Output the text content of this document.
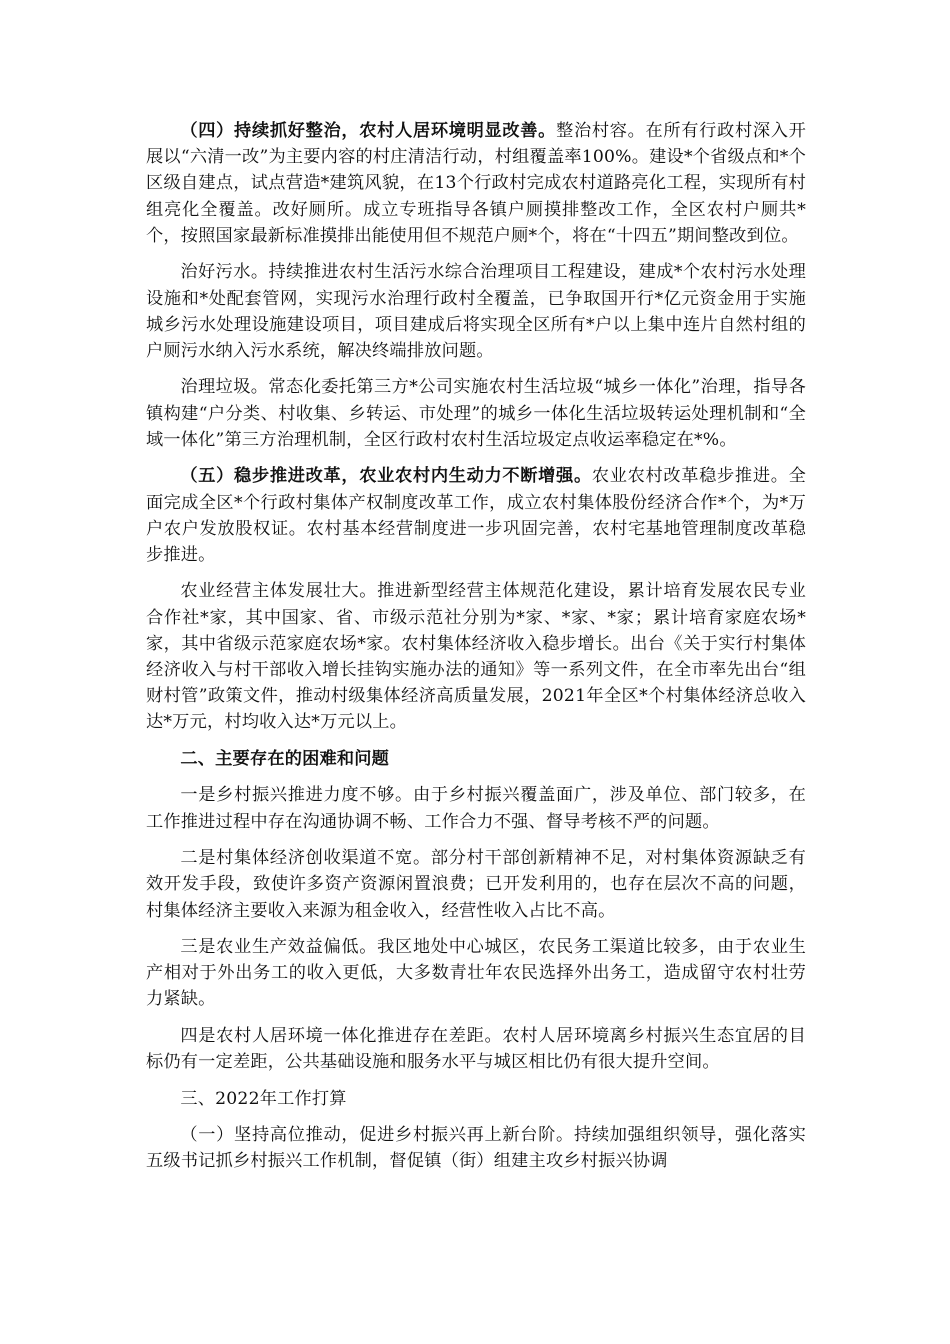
（四）持续抓好整治，农村人居环境明显改善。整治村容。在所有行政村深入开展以“六清一改”为主要内容的村庄清洁行动，村组覆盖率100%。建设*个省级点和*个区级自建点，试点营造*建筑风貌，在13个行政村完成农村道路亮化工程，实现所有村组亮化全覆盖。改好厕所。成立专班指导各镇户厕摸排整改工作，全区农村户厕共*个，按照国家最新标准摸排出能使用但不规范户厕*个，将在“十四五”期间整改到位。

治好污水。持续推进农村生活污水综合治理项目工程建设，建成*个农村污水处理设施和*处配套管网，实现污水治理行政村全覆盖，已争取国开行*亿元资金用于实施城乡污水处理设施建设项目，项目建成后将实现全区所有*户以上集中连片自然村组的户厕污水纳入污水系统，解决终端排放问题。

治理垃圾。常态化委托第三方*公司实施农村生活垃圾“城乡一体化”治理，指导各镇构建“户分类、村收集、乡转运、市处理”的城乡一体化生活垃圾转运处理机制和“全域一体化”第三方治理机制，全区行政村农村生活垃圾定点收运率稳定在*%。

（五）稳步推进改革，农业农村内生动力不断增强。农业农村改革稳步推进。全面完成全区*个行政村集体产权制度改革工作，成立农村集体股份经济合作*个，为*万户农户发放股权证。农村基本经营制度进一步巩固完善，农村宅基地管理制度改革稳步推进。

农业经营主体发展壮大。推进新型经营主体规范化建设，累计培育发展农民专业合作社*家，其中国家、省、市级示范社分别为*家、*家、*家；累计培育家庭农场*家，其中省级示范家庭农场*家。农村集体经济收入稳步增长。出台《关于实行村集体经济收入与村干部收入增长挂钩实施办法的通知》等一系列文件，在全市率先出台“组财村管”政策文件，推动村级集体经济高质量发展，2021年全区*个村集体经济总收入达*万元，村均收入达*万元以上。

二、主要存在的困难和问题

一是乡村振兴推进力度不够。由于乡村振兴覆盖面广，涉及单位、部门较多，在工作推进过程中存在沟通协调不畅、工作合力不强、督导考核不严的问题。

二是村集体经济创收渠道不宽。部分村干部创新精神不足，对村集体资源缺乏有效开发手段，致使许多资产资源闲置浪费；已开发利用的，也存在层次不高的问题，村集体经济主要收入来源为租金收入，经营性收入占比不高。

三是农业生产效益偏低。我区地处中心城区，农民务工渠道比较多，由于农业生产相对于外出务工的收入更低，大多数青壮年农民选择外出务工，造成留守农村壮劳力紧缺。

四是农村人居环境一体化推进存在差距。农村人居环境离乡村振兴生态宜居的目标仍有一定差距，公共基础设施和服务水平与城区相比仍有很大提升空间。

三、2022年工作打算

（一）坚持高位推动，促进乡村振兴再上新台阶。持续加强组织领导，强化落实五级书记抓乡村振兴工作机制，督促镇（街）组建主攻乡村振兴协调
